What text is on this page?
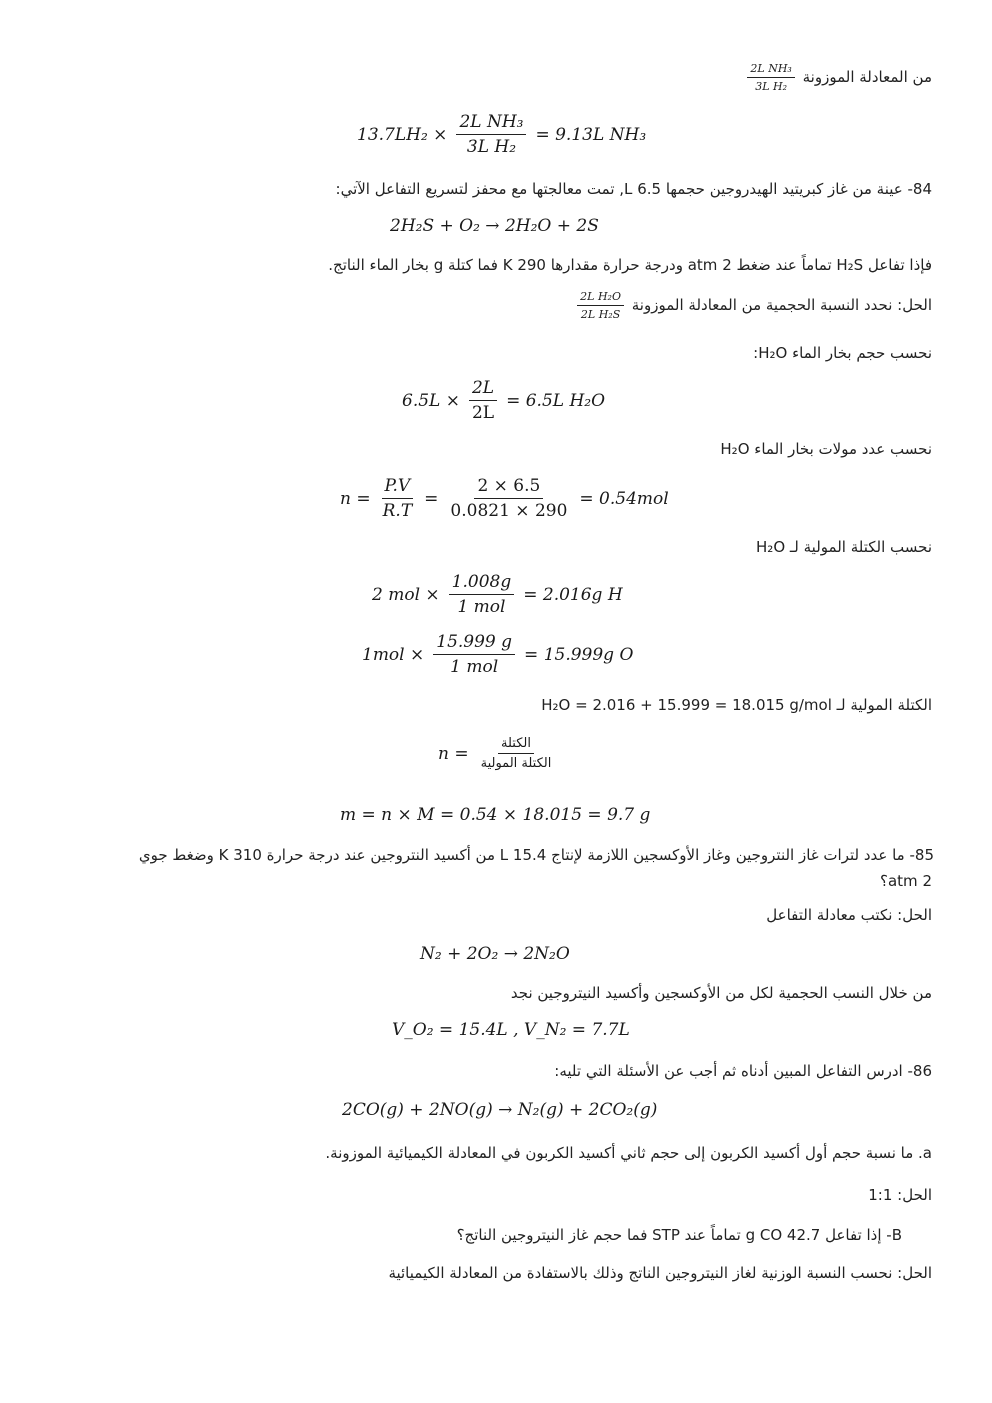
من المعادلة الموزونة
$\frac{\text{2L NH₃}}{\text{3L H₂}}$
$13.7LH_2 \times \frac{\text{2L NH₃}}{\text{3L H₂}} = 9.13L$ NH₃
84- عينة من غاز كبريتيد الهيدروجين حجمها 6.5 L, تمت معالجتها مع محفز لتسريع التفاعل الآتي:
2H₂S + O₂ → 2H₂O + 2S
فإذا تفاعل H₂S تماماً عند ضغط 2 atm ودرجة حرارة مقدارها 290 K فما كتلة g بخار الماء الناتج.
الحل: نحدد النسبة الحجمية من المعادلة الموزونة
$\frac{\text{2L H₂O}}{\text{2L H₂S}}$
نحسب حجم بخار الماء H₂O:
$6.5L \times \frac{2L}{2L} = 6.5L$ H₂O
نحسب عدد مولات بخار الماء H₂O
$n = \frac{P.V}{R.T} = \frac{2 \times 6.5}{0.0821 \times 290} = 0.54mol$
نحسب الكتلة المولية لـ H₂O
2 mol × $\frac{1.008g}{\text{1 mol}} = 2.016g$ H
$1mol \times \frac{15.999 g}{\text{1 mol}} = 15.999g$ O
الكتلة المولية لـ H₂O = 2.016 + 15.999 = 18.015 g/mol
$n = \frac{\text{الكتلة}}{\text{الكتلة المولية}}$
m = n × M = 0.54 × 18.015 = 9.7 g
85- ما عدد لترات غاز النتروجين وغاز الأوكسجين اللازمة لإنتاج 15.4 L من أكسيد النتروجين عند درجة حرارة 310 K وضغط جوي
2 atm؟
الحل: نكتب معادلة التفاعل
N₂ + 2O₂ → 2N₂O
من خلال النسب الحجمية لكل من الأوكسجين وأكسيد النيتروجين نجد
V_O₂ = 15.4L , V_N₂ = 7.7L
86- ادرس التفاعل المبين أدناه ثم أجب عن الأسئلة التي تليه:
2CO(g) + 2NO(g) → N₂(g) + 2CO₂(g)
a. ما نسبة حجم أول أكسيد الكربون إلى حجم ثاني أكسيد الكربون في المعادلة الكيميائية الموزونة.
الحل: 1:1
B- إذا تفاعل 42.7 g CO تماماً عند STP فما حجم غاز النيتروجين الناتج؟
الحل: نحسب النسبة الوزنية لغاز النيتروجين الناتج وذلك بالاستفادة من المعادلة الكيميائية
